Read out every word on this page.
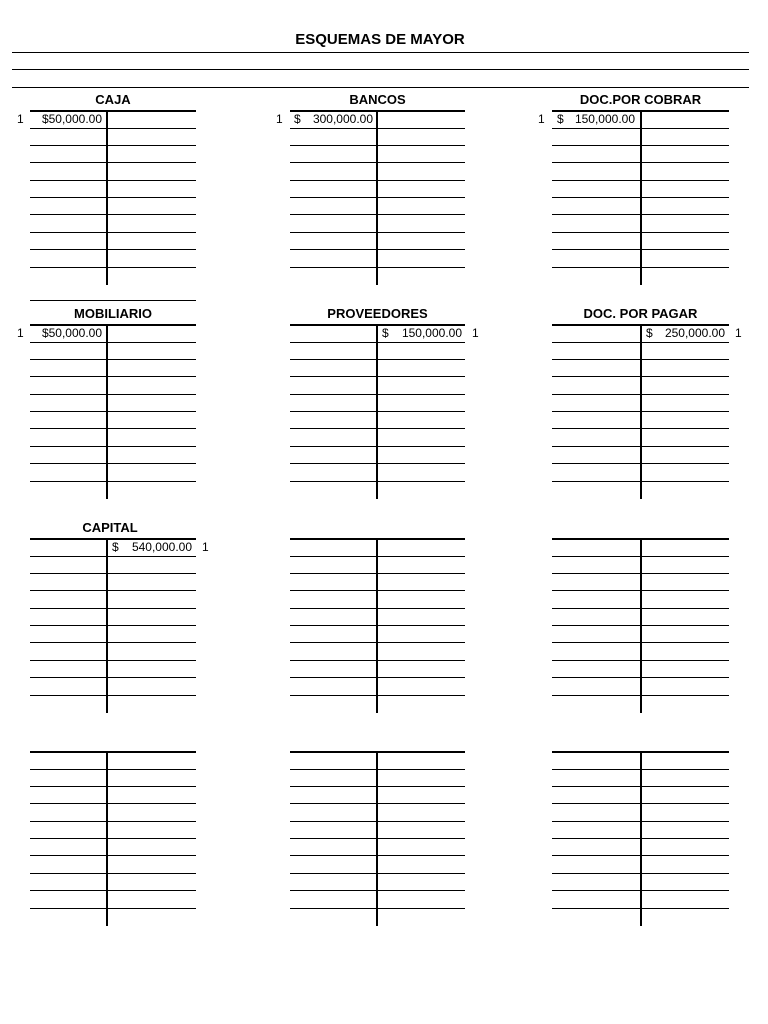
ESQUEMAS DE MAYOR
CAJA
1 $50,000.00
BANCOS
1 $ 300,000.00
DOC.POR COBRAR
1 $ 150,000.00
MOBILIARIO
1 $50,000.00
PROVEEDORES
$ 150,000.00 1
DOC. POR PAGAR
$ 250,000.00 1
CAPITAL
$ 540,000.00 1
